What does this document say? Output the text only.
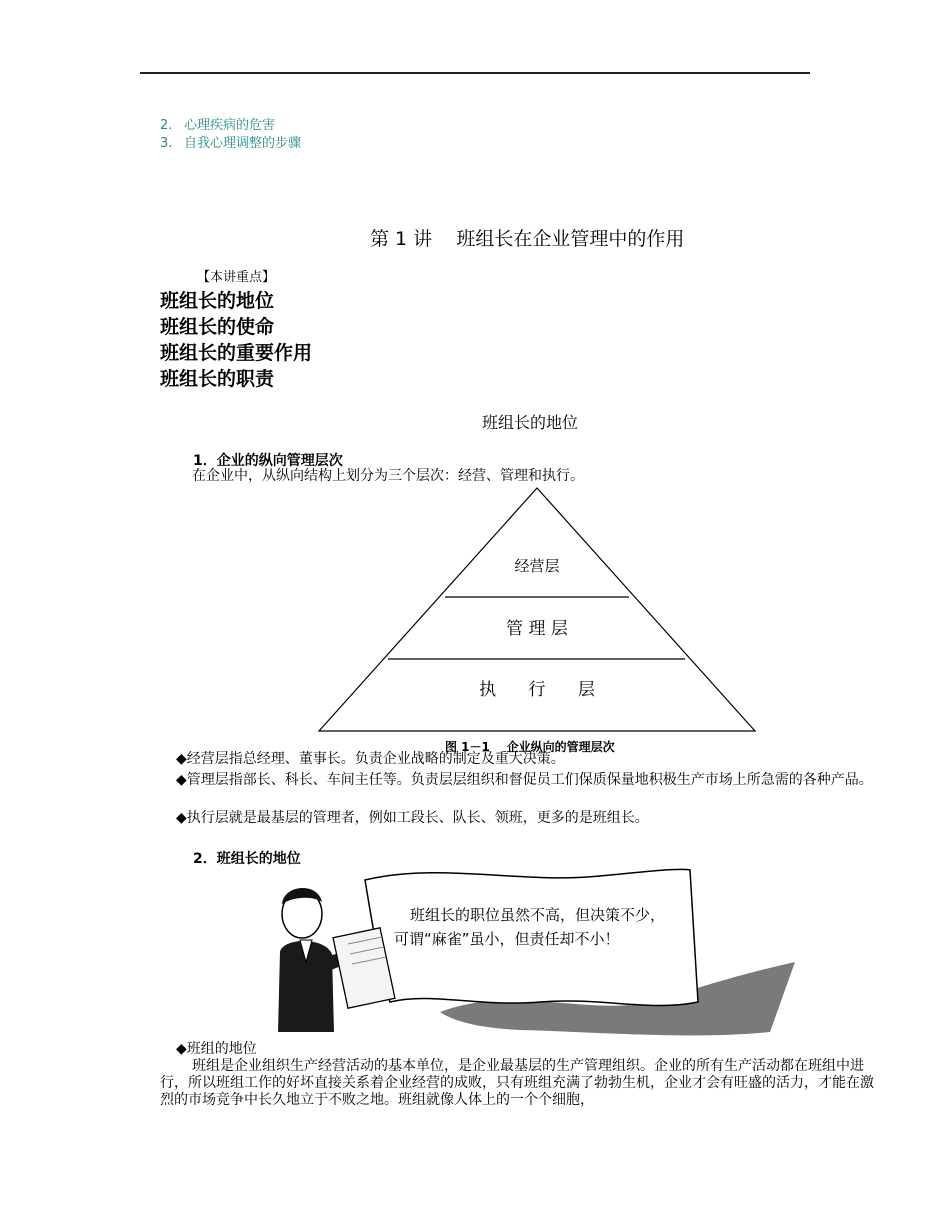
2. 心理疾病的危害
3. 自我心理调整的步骤
第 1 讲    班组长在企业管理中的作用
【本讲重点】
班组长的地位
班组长的使命
班组长的重要作用
班组长的职责
班组长的地位
1．企业的纵向管理层次
在企业中，从纵向结构上划分为三个层次：经营、管理和执行。
经营层
管 理 层
执      行      层
图 1－1    企业纵向的管理层次
◆经营层指总经理、董事长。负责企业战略的制定及重大决策。
◆管理层指部长、科长、车间主任等。负责层层组织和督促员工们保质保量地积极生产市场上所急需的各种产品。
◆执行层就是最基层的管理者，例如工段长、队长、领班，更多的是班组长。
2．班组长的地位
班组长的职位虽然不高，但决策不少，
可谓“麻雀”虽小，但责任却不小！
◆班组的地位
班组是企业组织生产经营活动的基本单位，是企业最基层的生产管理组织。企业的所有生产活动都在班组中进行，所以班组工作的好坏直接关系着企业经营的成败，只有班组充满了勃勃生机，企业才会有旺盛的活力，才能在激烈的市场竞争中长久地立于不败之地。班组就像人体上的一个个细胞，
